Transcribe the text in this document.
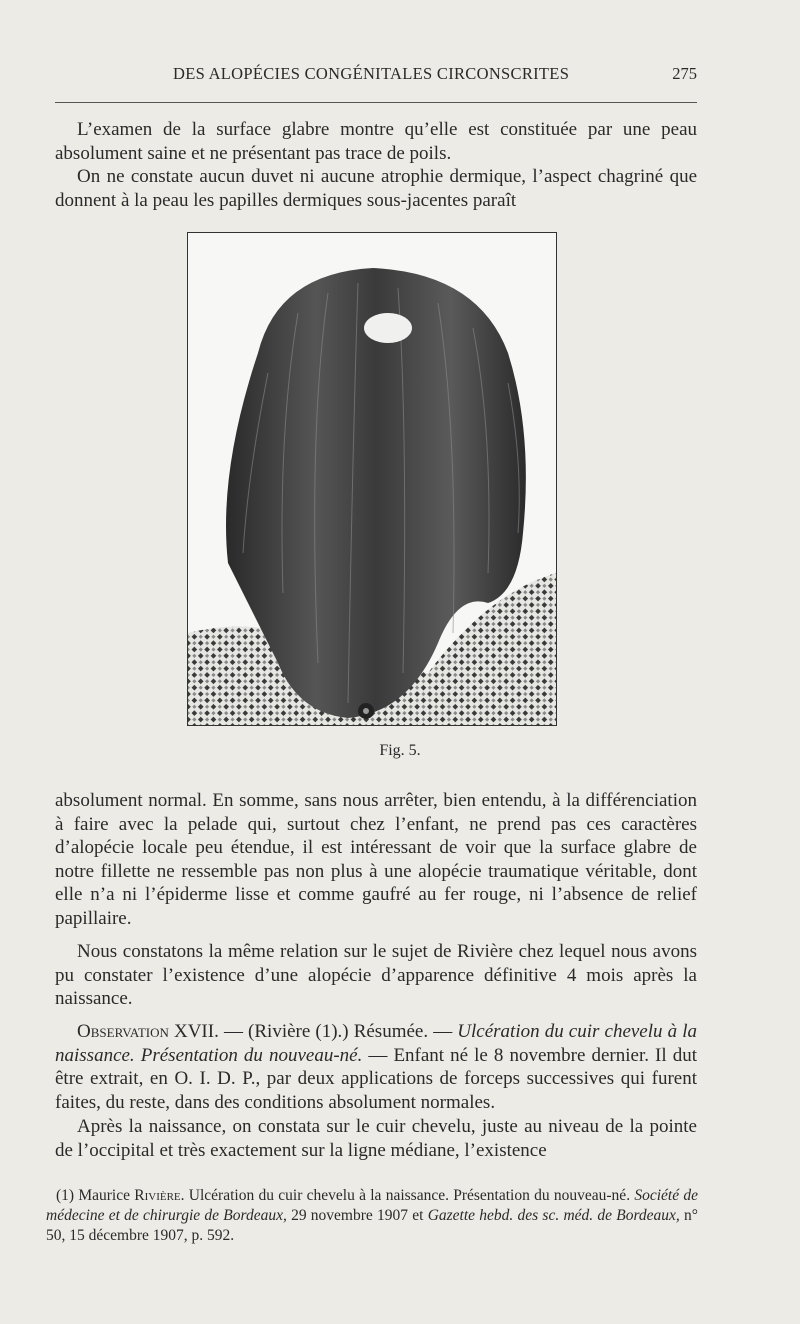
DES ALOPÉCIES CONGÉNITALES CIRCONSCRITES	275

L’examen de la surface glabre montre qu’elle est constituée par une peau absolument saine et ne présentant pas trace de poils.

On ne constate aucun duvet ni aucune atrophie dermique, l’aspect chagriné que donnent à la peau les papilles dermiques sous-jacentes paraît

Fig. 5.

absolument normal. En somme, sans nous arrêter, bien entendu, à la différenciation à faire avec la pelade qui, surtout chez l’enfant, ne prend pas ces caractères d’alopécie locale peu étendue, il est intéressant de voir que la surface glabre de notre fillette ne ressemble pas non plus à une alopécie traumatique véritable, dont elle n’a ni l’épiderme lisse et comme gaufré au fer rouge, ni l’absence de relief papillaire.

Nous constatons la même relation sur le sujet de Rivière chez lequel nous avons pu constater l’existence d’une alopécie d’apparence définitive 4 mois après la naissance.

Observation XVII. — (Rivière (1).) Résumée. — Ulcération du cuir chevelu à la naissance. Présentation du nouveau-né. — Enfant né le 8 novembre dernier. Il dut être extrait, en O. I. D. P., par deux applications de forceps successives qui furent faites, du reste, dans des conditions absolument normales.

Après la naissance, on constata sur le cuir chevelu, juste au niveau de la pointe de l’occipital et très exactement sur la ligne médiane, l’existence

(1) Maurice Rivière. Ulcération du cuir chevelu à la naissance. Présentation du nouveau-né. Société de médecine et de chirurgie de Bordeaux, 29 novembre 1907 et Gazette hebd. des sc. méd. de Bordeaux, n° 50, 15 décembre 1907, p. 592.
